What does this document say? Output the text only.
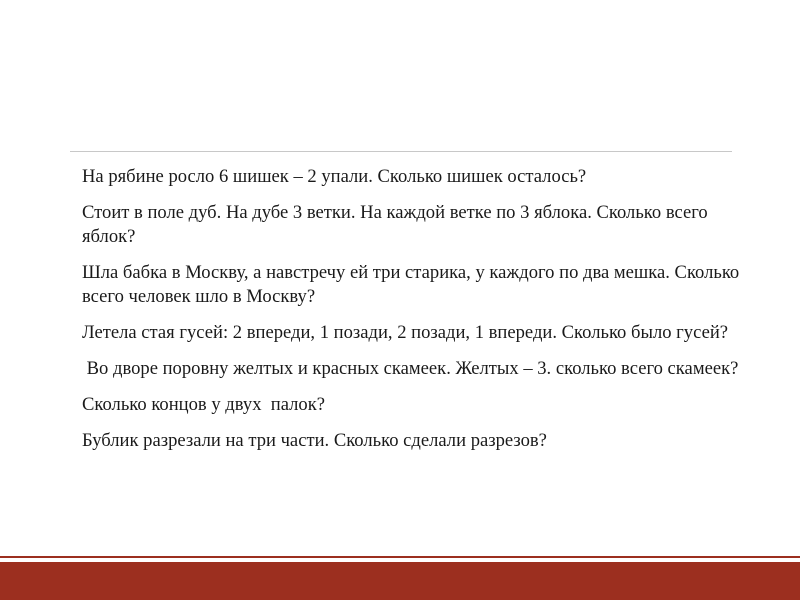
На рябине росло 6 шишек – 2 упали. Сколько шишек осталось?

Стоит в поле дуб. На дубе 3 ветки. На каждой ветке по 3 яблока. Сколько всего яблок?

Шла бабка в Москву, а навстречу ей три старика, у каждого по два мешка. Сколько всего человек шло в Москву?

Летела стая гусей: 2 впереди, 1 позади, 2 позади, 1 впереди. Сколько было гусей?

Во дворе поровну желтых и красных скамеек. Желтых – 3. сколько всего скамеек?

Сколько концов у двух  палок?

Бублик разрезали на три части. Сколько сделали разрезов?
